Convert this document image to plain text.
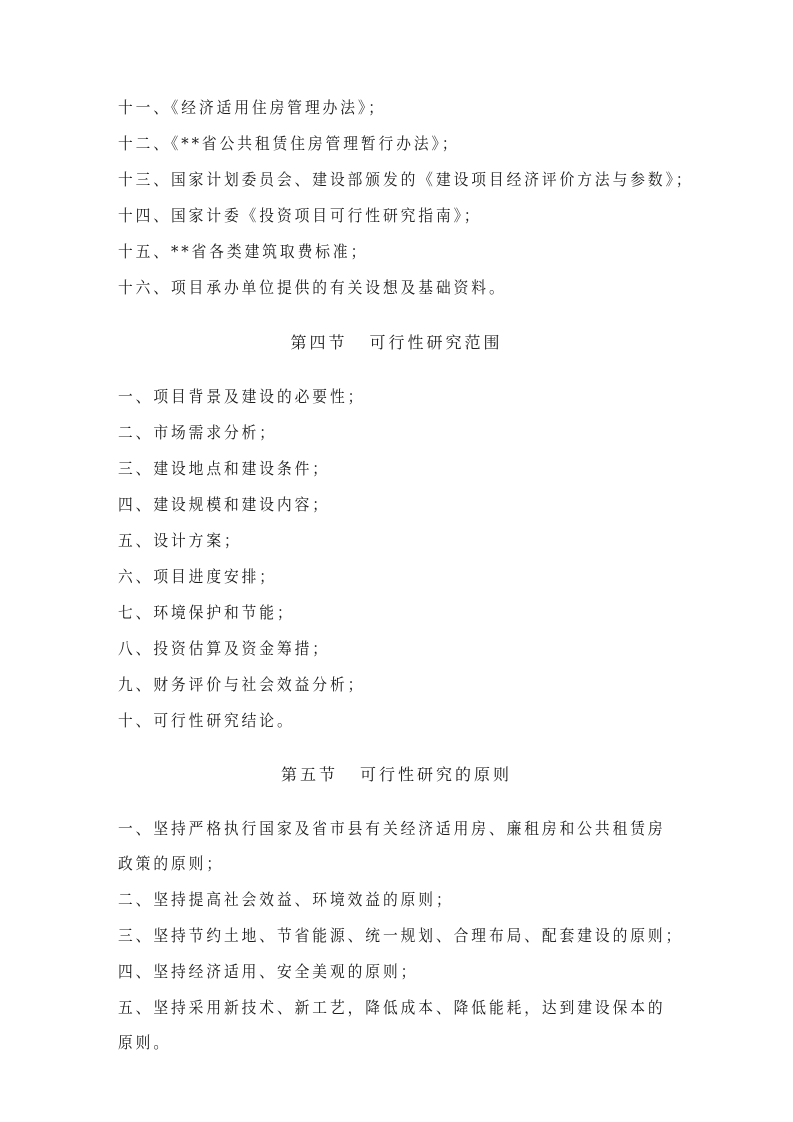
十一、《经济适用住房管理办法》；
十二、《**省公共租赁住房管理暂行办法》；
十三、国家计划委员会、建设部颁发的《建设项目经济评价方法与参数》；
十四、国家计委《投资项目可行性研究指南》；
十五、**省各类建筑取费标准；
十六、项目承办单位提供的有关设想及基础资料。
第四节 可行性研究范围
一、项目背景及建设的必要性；
二、市场需求分析；
三、建设地点和建设条件；
四、建设规模和建设内容；
五、设计方案；
六、项目进度安排；
七、环境保护和节能；
八、投资估算及资金筹措；
九、财务评价与社会效益分析；
十、可行性研究结论。
第五节 可行性研究的原则
一、坚持严格执行国家及省市县有关经济适用房、廉租房和公共租赁房
政策的原则；
二、坚持提高社会效益、环境效益的原则；
三、坚持节约土地、节省能源、统一规划、合理布局、配套建设的原则；
四、坚持经济适用、安全美观的原则；
五、坚持采用新技术、新工艺，降低成本、降低能耗，达到建设保本的
原则。
